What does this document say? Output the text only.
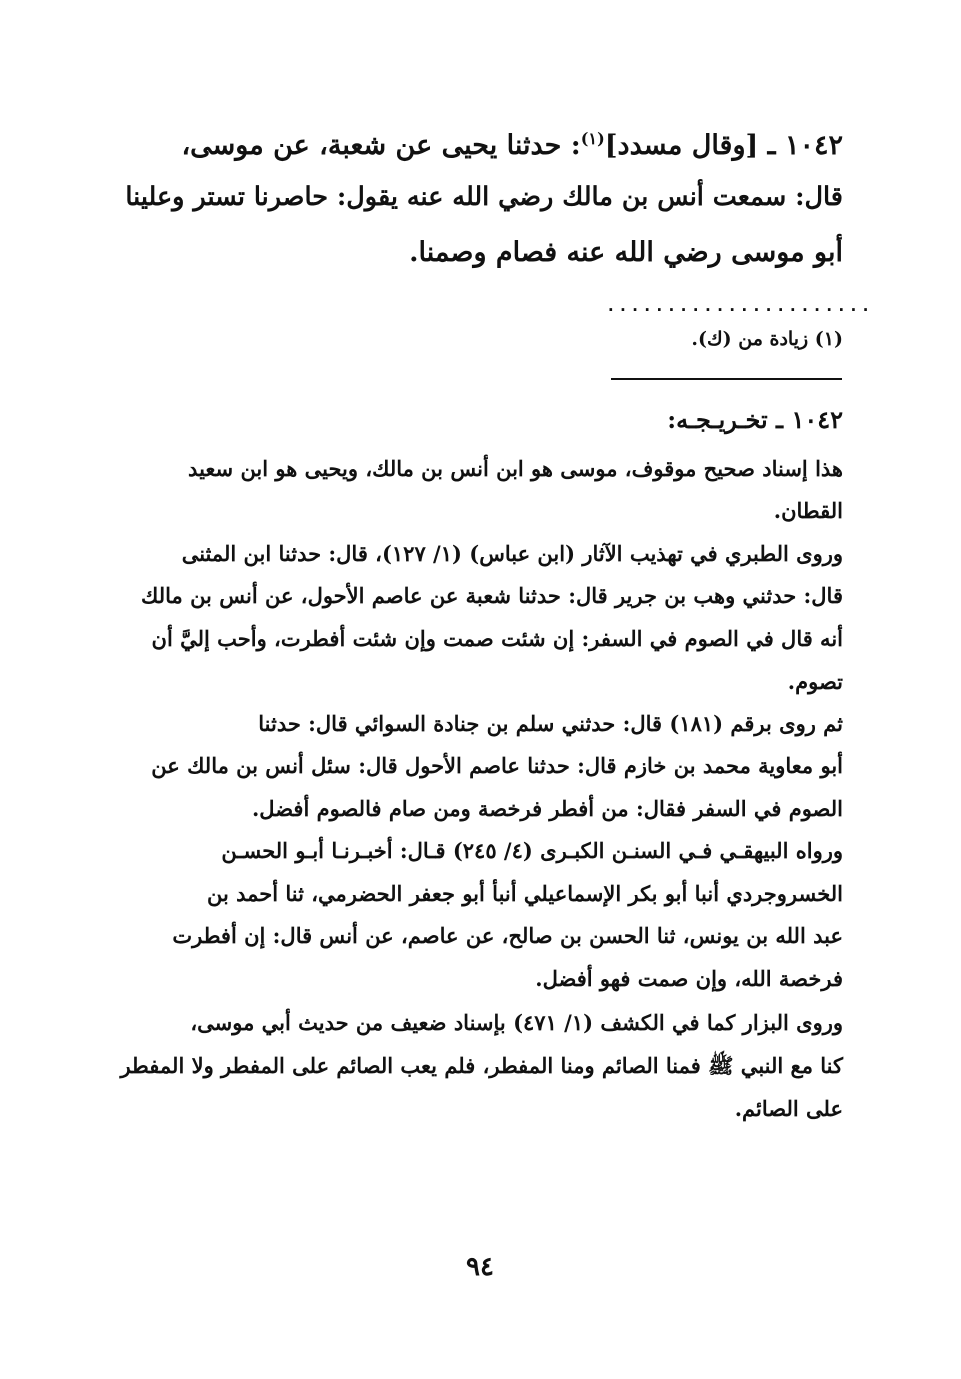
١٠٤٢ ـ [وقال مسدد]$^{(١)}$: حدثنا يحيى عن شعبة، عن موسى،
قال: سمعت أنس بن مالك رضي الله عنه يقول: حاصرنا تستر وعلينا
أبو موسى رضي الله عنه فصام وصمنا.
......................
(١) زيادة من (ك).
١٠٤٢ ـ تخـريـجـه:
هذا إسناد صحيح موقوف، موسى هو ابن أنس بن مالك، ويحيى هو ابن سعيد
القطان.
وروى الطبري في تهذيب الآثار (ابن عباس) (١/ ١٢٧)، قال: حدثنا ابن المثنى
قال: حدثني وهب بن جرير قال: حدثنا شعبة عن عاصم الأحول، عن أنس بن مالك
أنه قال في الصوم في السفر: إن شئت صمت وإن شئت أفطرت، وأحب إليَّ أن
تصوم.
ثم روى برقم (١٨١) قال: حدثني سلم بن جنادة السوائي قال: حدثنا
أبو معاوية محمد بن خازم قال: حدثنا عاصم الأحول قال: سئل أنس بن مالك عن
الصوم في السفر فقال: من أفطر فرخصة ومن صام فالصوم أفضل.
ورواه البيهقـي فـي السنـن الكبـرى (٤/ ٢٤٥) قـال: أخبـرنـا أبـو الحسـن
الخسروجردي أنبا أبو بكر الإسماعيلي أنبأ أبو جعفر الحضرمي، ثنا أحمد بن
عبد الله بن يونس، ثنا الحسن بن صالح، عن عاصم، عن أنس قال: إن أفطرت
فرخصة الله، وإن صمت فهو أفضل.
وروى البزار كما في الكشف (١/ ٤٧١) بإسناد ضعيف من حديث أبي موسى،
كنا مع النبي ﷺ فمنا الصائم ومنا المفطر، فلم يعب الصائم على المفطر ولا المفطر
على الصائم.
٩٤
